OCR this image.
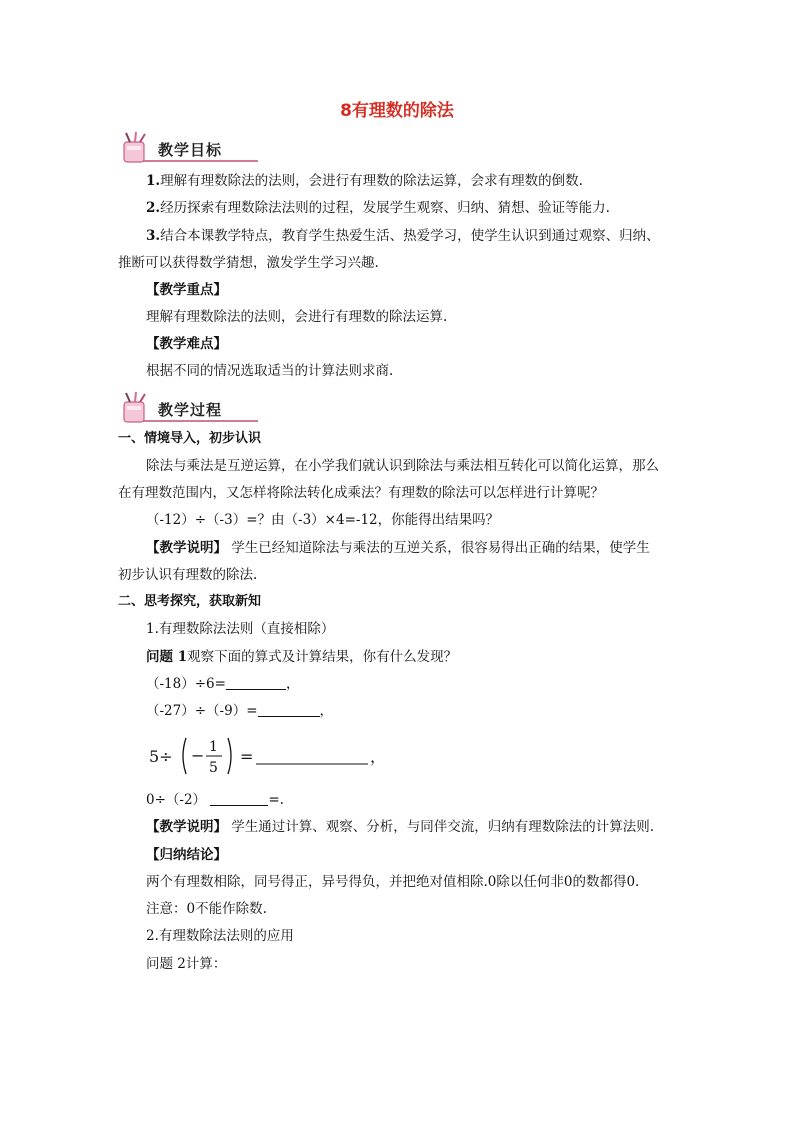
8有理数的除法
教学目标
1.理解有理数除法的法则，会进行有理数的除法运算，会求有理数的倒数.
2.经历探索有理数除法法则的过程，发展学生观察、归纳、猜想、验证等能力.
3.结合本课教学特点，教育学生热爱生活、热爱学习，使学生认识到通过观察、归纳、
推断可以获得数学猜想，激发学生学习兴趣.
【教学重点】
理解有理数除法的法则，会进行有理数的除法运算.
【教学难点】
根据不同的情况选取适当的计算法则求商.
教学过程
一、情境导入，初步认识
除法与乘法是互逆运算，在小学我们就认识到除法与乘法相互转化可以简化运算，那么
在有理数范围内，又怎样将除法转化成乘法？有理数的除法可以怎样进行计算呢？
（-12）÷（-3）=？由（-3）×4=-12，你能得出结果吗？
【教学说明】 学生已经知道除法与乘法的互逆关系，很容易得出正确的结果，使学生
初步认识有理数的除法.
二、思考探究，获取新知
1.有理数除法法则（直接相除）
问题 1观察下面的算式及计算结果，你有什么发现？
（-18）÷6=	，
（-27）÷（-9）=	，
5÷ − 1
5
=	，
0÷（-2）	=.
【教学说明】 学生通过计算、观察、分析，与同伴交流，归纳有理数除法的计算法则.
【归纳结论】
两个有理数相除，同号得正，异号得负，并把绝对值相除.0除以任何非0的数都得0.
注意：0不能作除数.
2.有理数除法法则的应用
问题 2计算：
